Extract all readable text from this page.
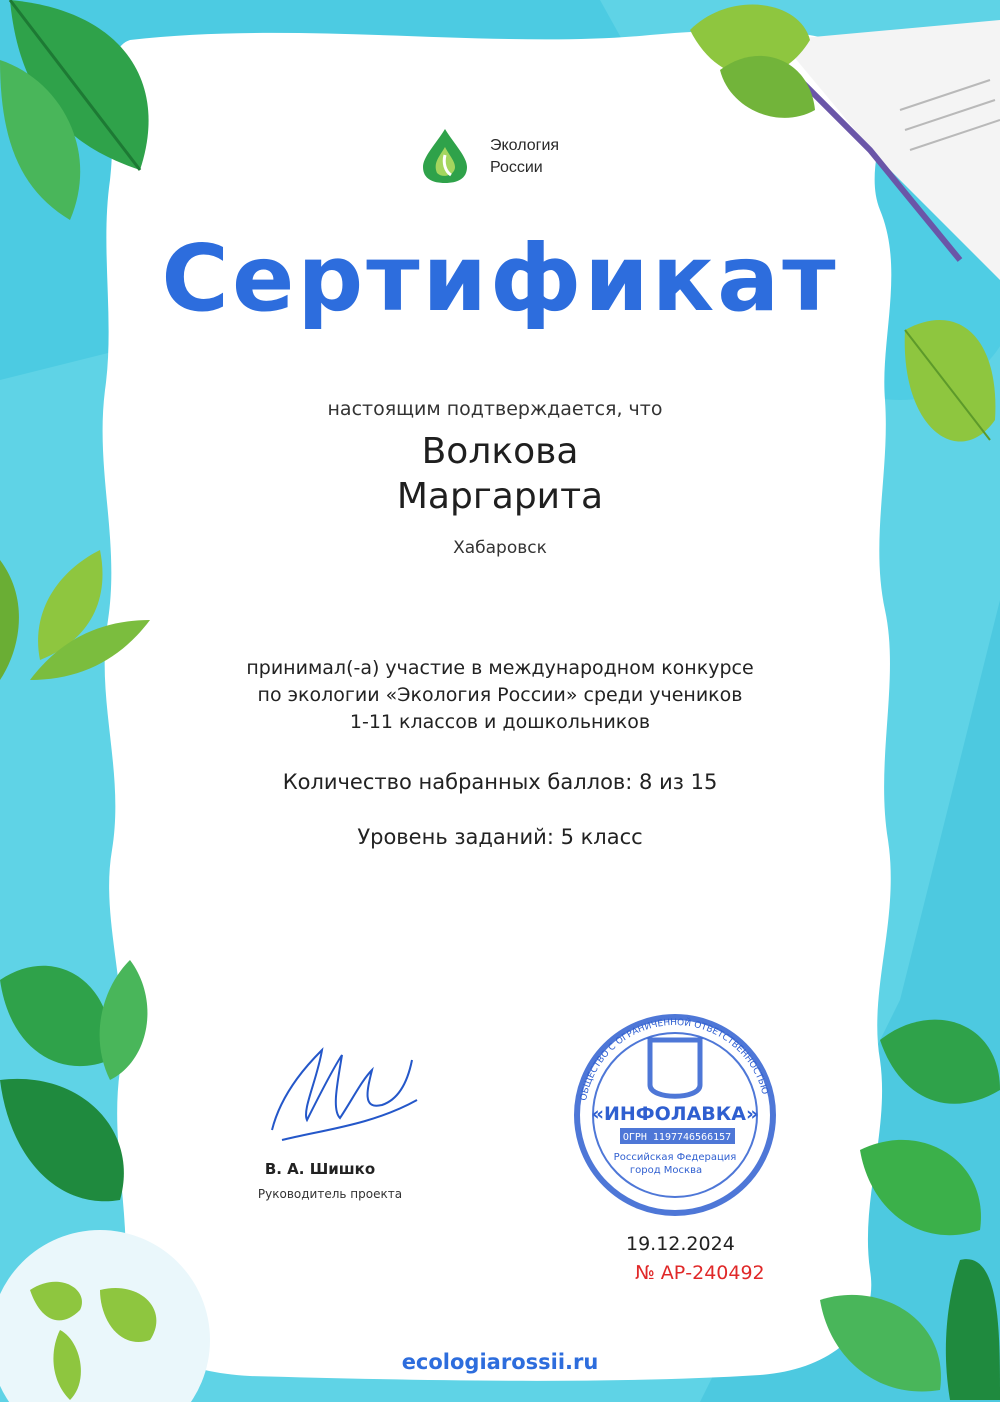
Экология
России
Сертификат
настоящим подтверждается, что
Волкова
Маргарита
Хабаровск
принимал(-а) участие в международном конкурсе
по экологии «Экология России» среди учеников
1-11 классов и дошкольников
Количество набранных баллов: 8 из 15
Уровень заданий: 5 класс
В. А. Шишко
Руководитель проекта
ОБЩЕСТВО С ОГРАНИЧЕННОЙ ОТВЕТСТВЕННОСТЬЮ
«ИНФОЛАВКА»
ОГРН 1197746566157
Российская Федерация
город Москва
19.12.2024
№ АР-240492
ecologiarossii.ru
